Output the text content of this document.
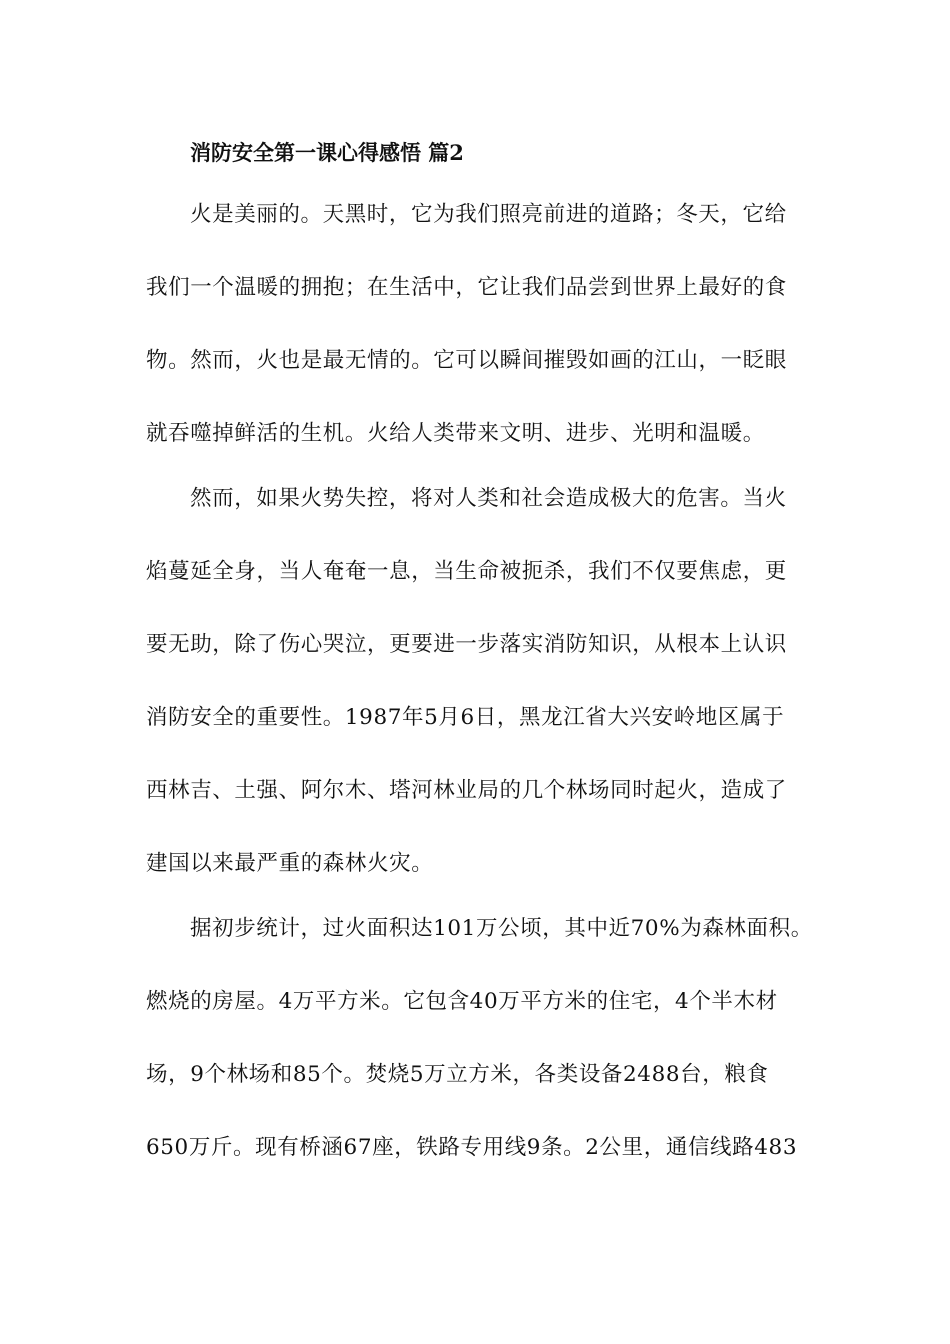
消防安全第一课心得感悟 篇2
火是美丽的。天黑时，它为我们照亮前进的道路；冬天，它给
我们一个温暖的拥抱；在生活中，它让我们品尝到世界上最好的食
物。然而，火也是最无情的。它可以瞬间摧毁如画的江山，一眨眼
就吞噬掉鲜活的生机。火给人类带来文明、进步、光明和温暖。
然而，如果火势失控，将对人类和社会造成极大的危害。当火
焰蔓延全身，当人奄奄一息，当生命被扼杀，我们不仅要焦虑，更
要无助，除了伤心哭泣，更要进一步落实消防知识，从根本上认识
消防安全的重要性。1987年5月6日，黑龙江省大兴安岭地区属于
西林吉、土强、阿尔木、塔河林业局的几个林场同时起火，造成了
建国以来最严重的森林火灾。
据初步统计，过火面积达101万公顷，其中近70%为森林面积。
燃烧的房屋。4万平方米。它包含40万平方米的住宅，4个半木材
场，9个林场和85个。焚烧5万立方米，各类设备2488台，粮食
650万斤。现有桥涵67座，铁路专用线9条。2公里，通信线路483
